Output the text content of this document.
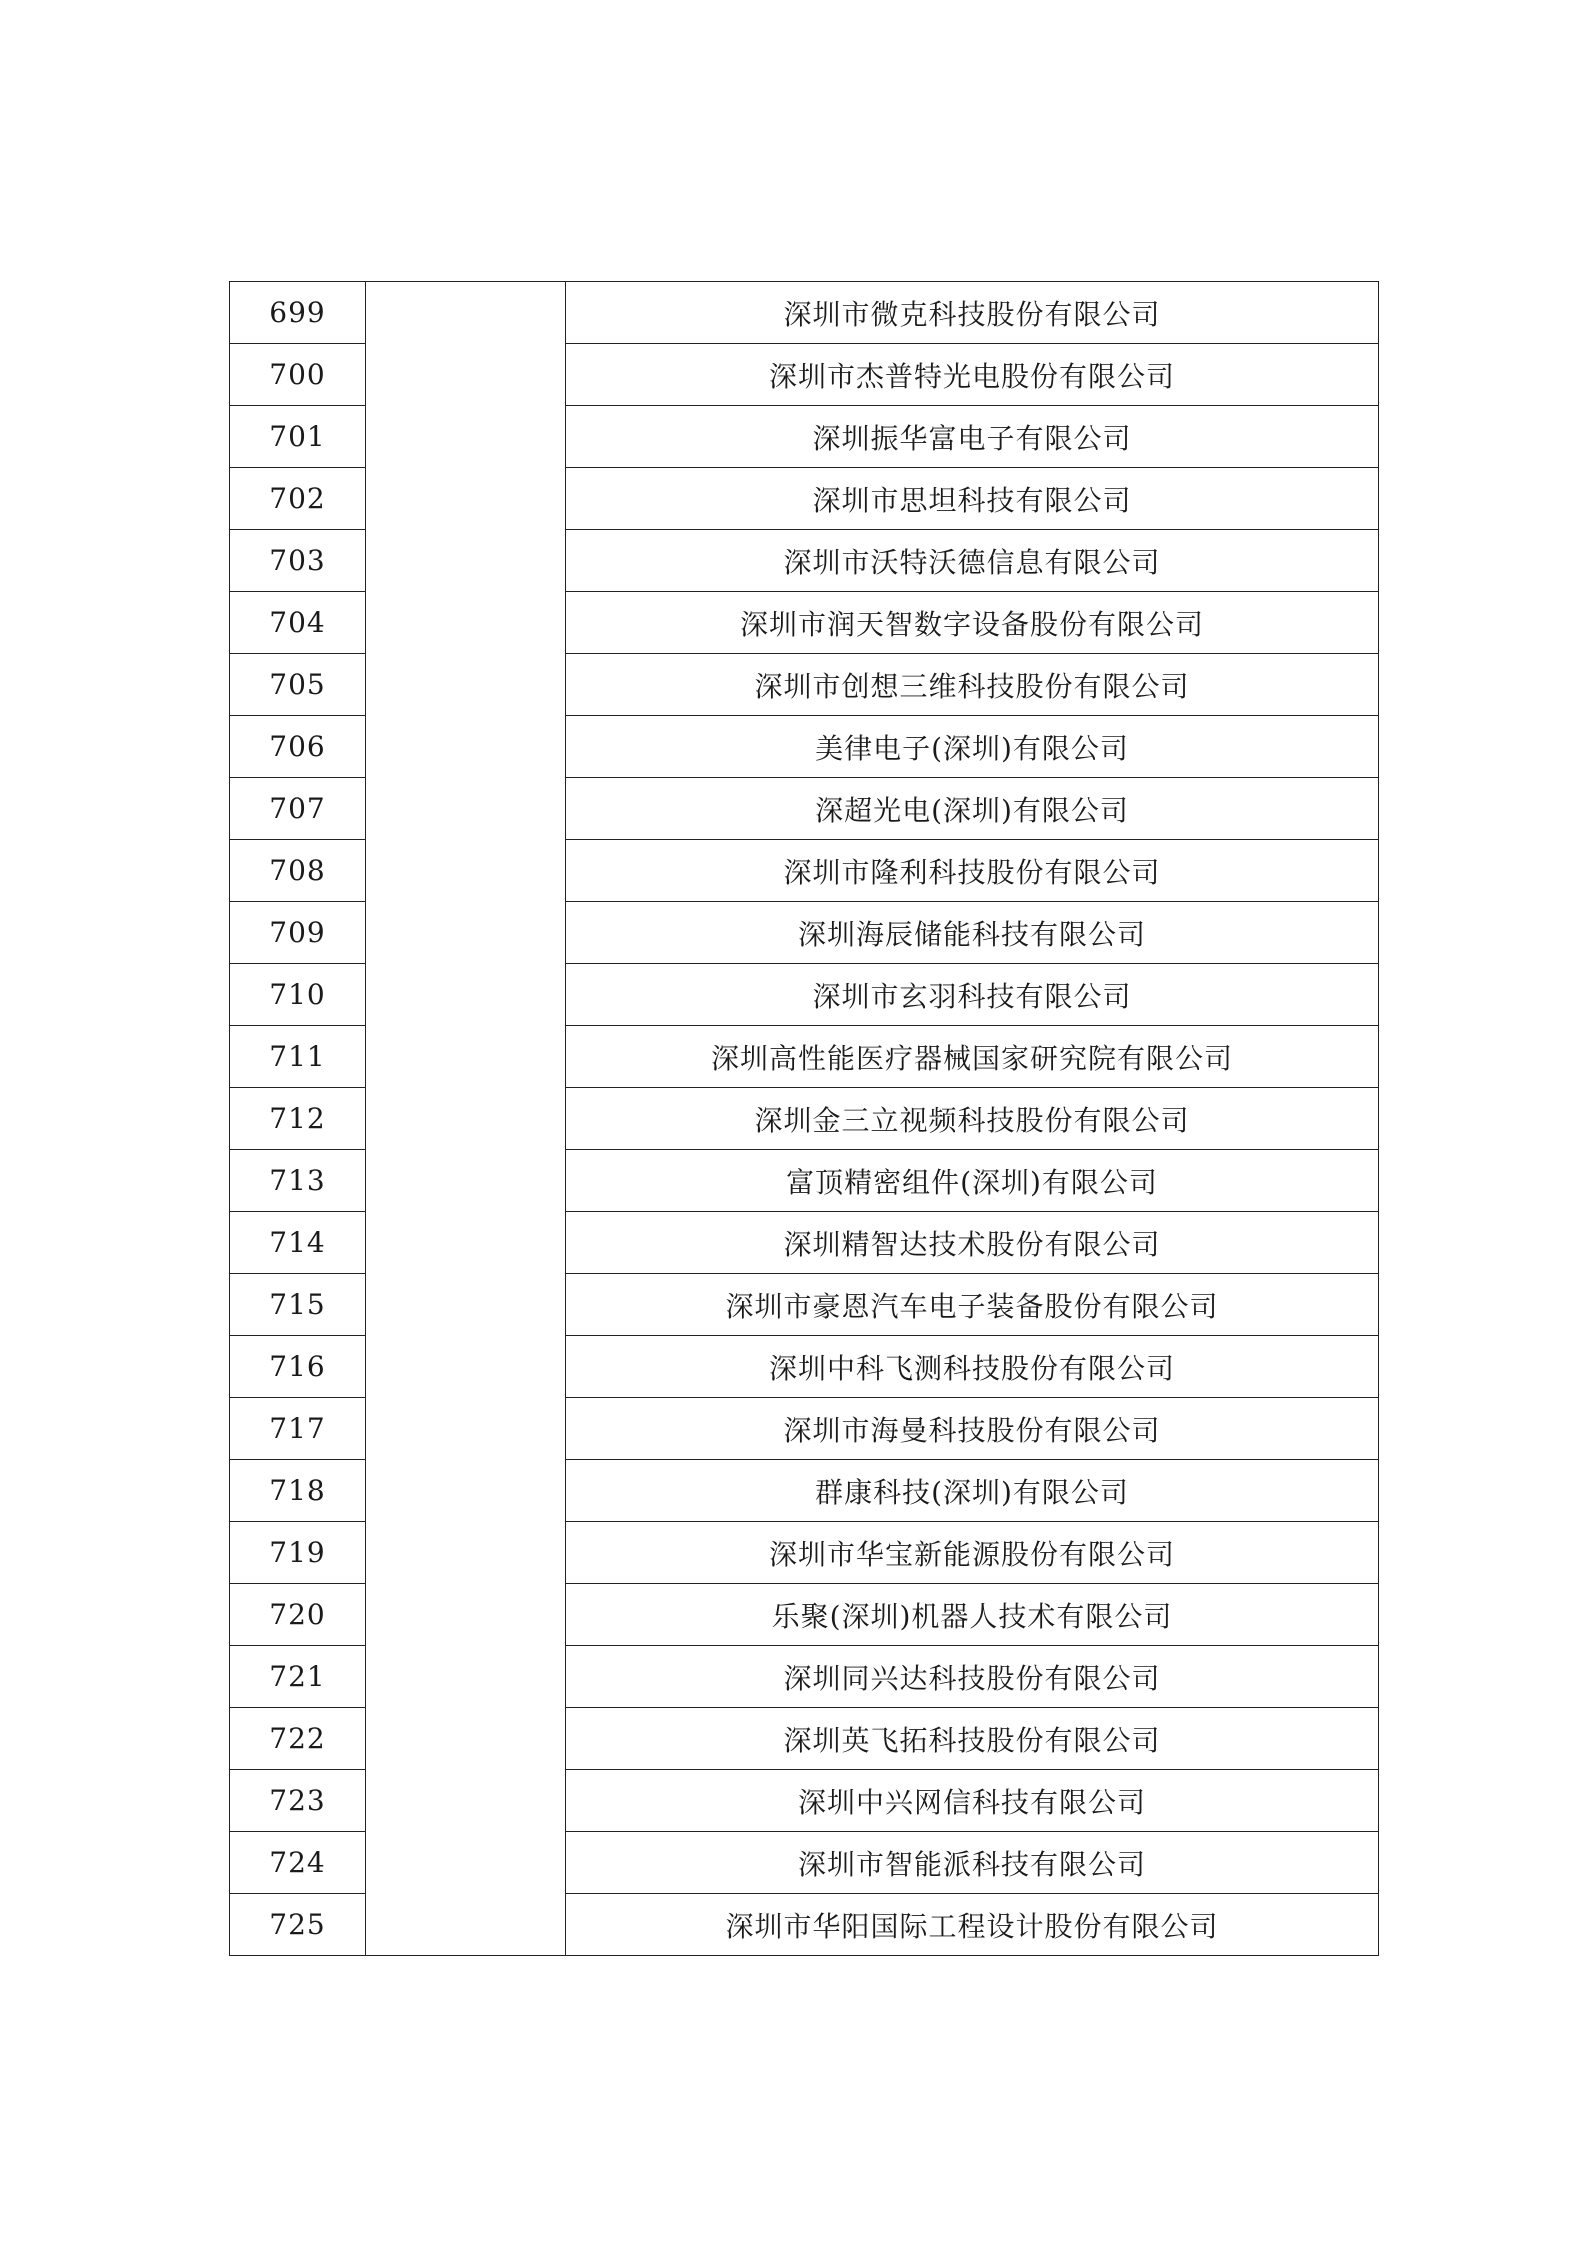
699		深圳市微克科技股份有限公司
700		深圳市杰普特光电股份有限公司
701		深圳振华富电子有限公司
702		深圳市思坦科技有限公司
703		深圳市沃特沃德信息有限公司
704		深圳市润天智数字设备股份有限公司
705		深圳市创想三维科技股份有限公司
706		美律电子(深圳)有限公司
707		深超光电(深圳)有限公司
708		深圳市隆利科技股份有限公司
709		深圳海辰储能科技有限公司
710		深圳市玄羽科技有限公司
711		深圳高性能医疗器械国家研究院有限公司
712		深圳金三立视频科技股份有限公司
713		富顶精密组件(深圳)有限公司
714		深圳精智达技术股份有限公司
715		深圳市豪恩汽车电子装备股份有限公司
716		深圳中科飞测科技股份有限公司
717		深圳市海曼科技股份有限公司
718		群康科技(深圳)有限公司
719		深圳市华宝新能源股份有限公司
720		乐聚(深圳)机器人技术有限公司
721		深圳同兴达科技股份有限公司
722		深圳英飞拓科技股份有限公司
723		深圳中兴网信科技有限公司
724		深圳市智能派科技有限公司
725		深圳市华阳国际工程设计股份有限公司
